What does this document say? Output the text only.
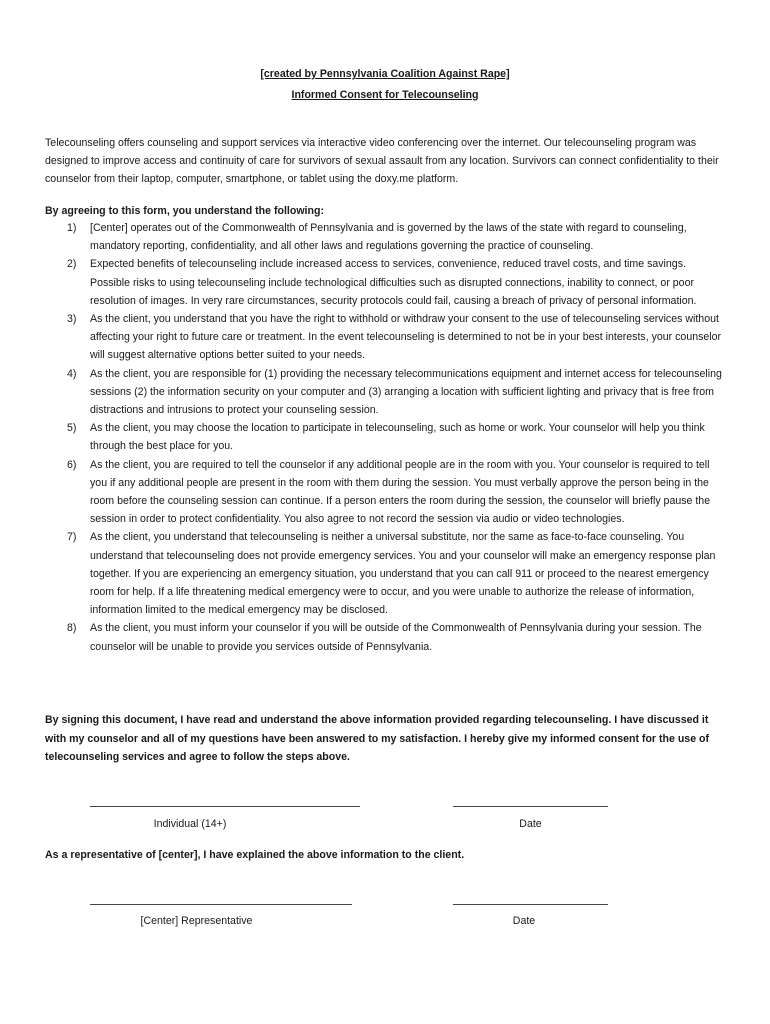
[created by Pennsylvania Coalition Against Rape]
Informed Consent for Telecounseling
Telecounseling offers counseling and support services via interactive video conferencing over the internet. Our telecounseling program was designed to improve access and continuity of care for survivors of sexual assault from any location. Survivors can connect confidentiality to their counselor from their laptop, computer, smartphone, or tablet using the doxy.me platform.
By agreeing to this form, you understand the following:
1)	[Center] operates out of the Commonwealth of Pennsylvania and is governed by the laws of the state with regard to counseling, mandatory reporting, confidentiality, and all other laws and regulations governing the practice of counseling.
2)	Expected benefits of telecounseling include increased access to services, convenience, reduced travel costs, and time savings. Possible risks to using telecounseling include technological difficulties such as disrupted connections, inability to connect, or poor resolution of images. In very rare circumstances, security protocols could fail, causing a breach of privacy of personal information.
3)	As the client, you understand that you have the right to withhold or withdraw your consent to the use of telecounseling services without affecting your right to future care or treatment. In the event telecounseling is determined to not be in your best interests, your counselor will suggest alternative options better suited to your needs.
4)	As the client, you are responsible for (1) providing the necessary telecommunications equipment and internet access for telecounseling sessions (2) the information security on your computer and (3) arranging a location with sufficient lighting and privacy that is free from distractions and intrusions to protect your counseling session.
5)	As the client, you may choose the location to participate in telecounseling, such as home or work. Your counselor will help you think through the best place for you.
6)	As the client, you are required to tell the counselor if any additional people are in the room with you. Your counselor is required to tell you if any additional people are present in the room with them during the session. You must verbally approve the person being in the room before the counseling session can continue. If a person enters the room during the session, the counselor will briefly pause the session in order to protect confidentiality. You also agree to not record the session via audio or video technologies.
7)	As the client, you understand that telecounseling is neither a universal substitute, nor the same as face-to-face counseling. You understand that telecounseling does not provide emergency services. You and your counselor will make an emergency response plan together. If you are experiencing an emergency situation, you understand that you can call 911 or proceed to the nearest emergency room for help. If a life threatening medical emergency were to occur, and you were unable to authorize the release of information, information limited to the medical emergency may be disclosed.
8)	As the client, you must inform your counselor if you will be outside of the Commonwealth of Pennsylvania during your session. The counselor will be unable to provide you services outside of Pennsylvania.
By signing this document, I have read and understand the above information provided regarding telecounseling. I have discussed it with my counselor and all of my questions have been answered to my satisfaction. I hereby give my informed consent for the use of telecounseling services and agree to follow the steps above.
Individual (14+)	Date
As a representative of [center], I have explained the above information to the client.
[Center] Representative	Date
